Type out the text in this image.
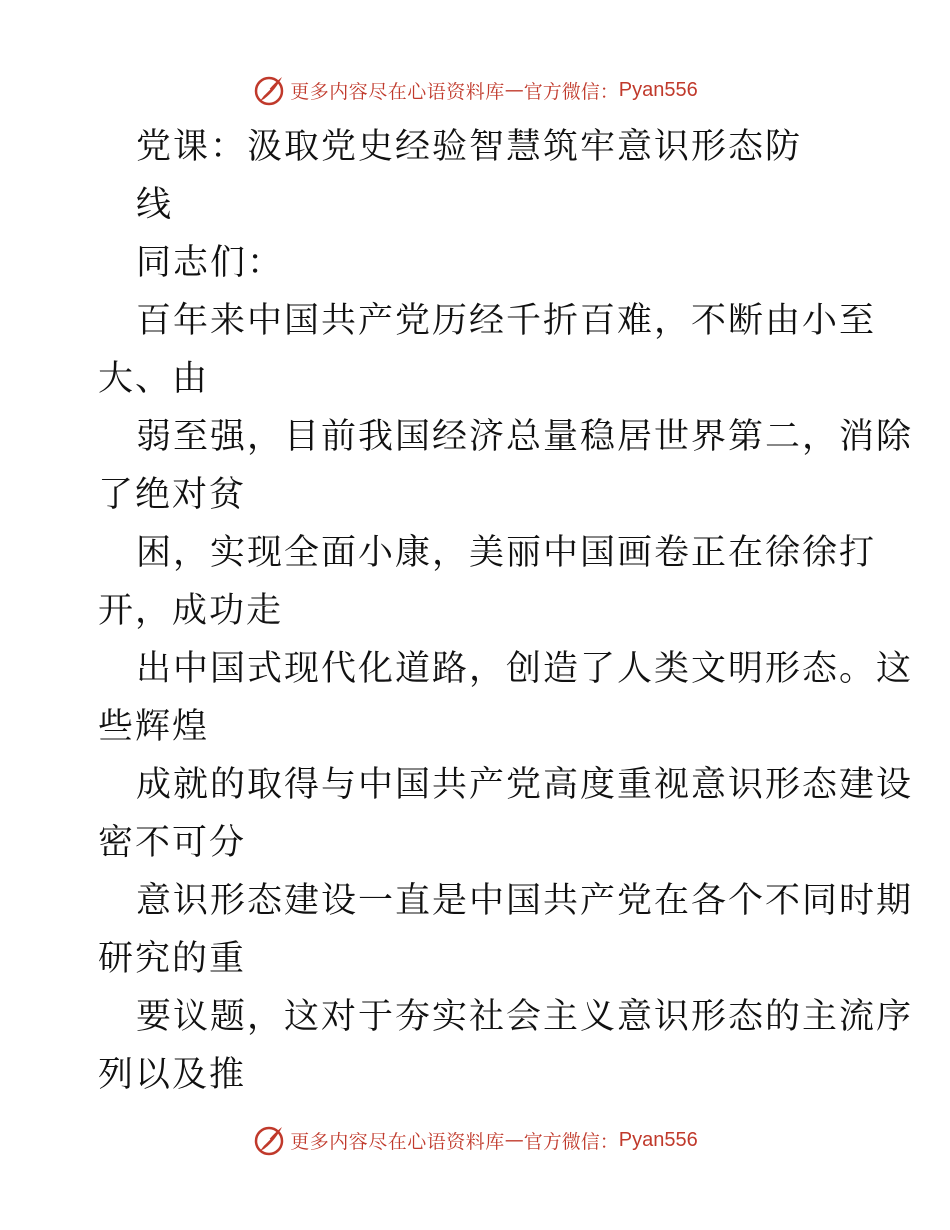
更多内容尽在心语资料库 — 官方微信： Pyan556
党课：汲取党史经验智慧筑牢意识形态防
线
同志们：
百年来中国共产党历经千折百难，不断由小至
大、由
弱至强，目前我国经济总量稳居世界第二，消除
了绝对贫
困，实现全面小康，美丽中国画卷正在徐徐打
开，成功走
出中国式现代化道路，创造了人类文明形态。这
些辉煌
成就的取得与中国共产党高度重视意识形态建设
密不可分
意识形态建设一直是中国共产党在各个不同时期
研究的重
要议题，这对于夯实社会主义意识形态的主流序
列以及推
更多内容尽在心语资料库 — 官方微信： Pyan556
